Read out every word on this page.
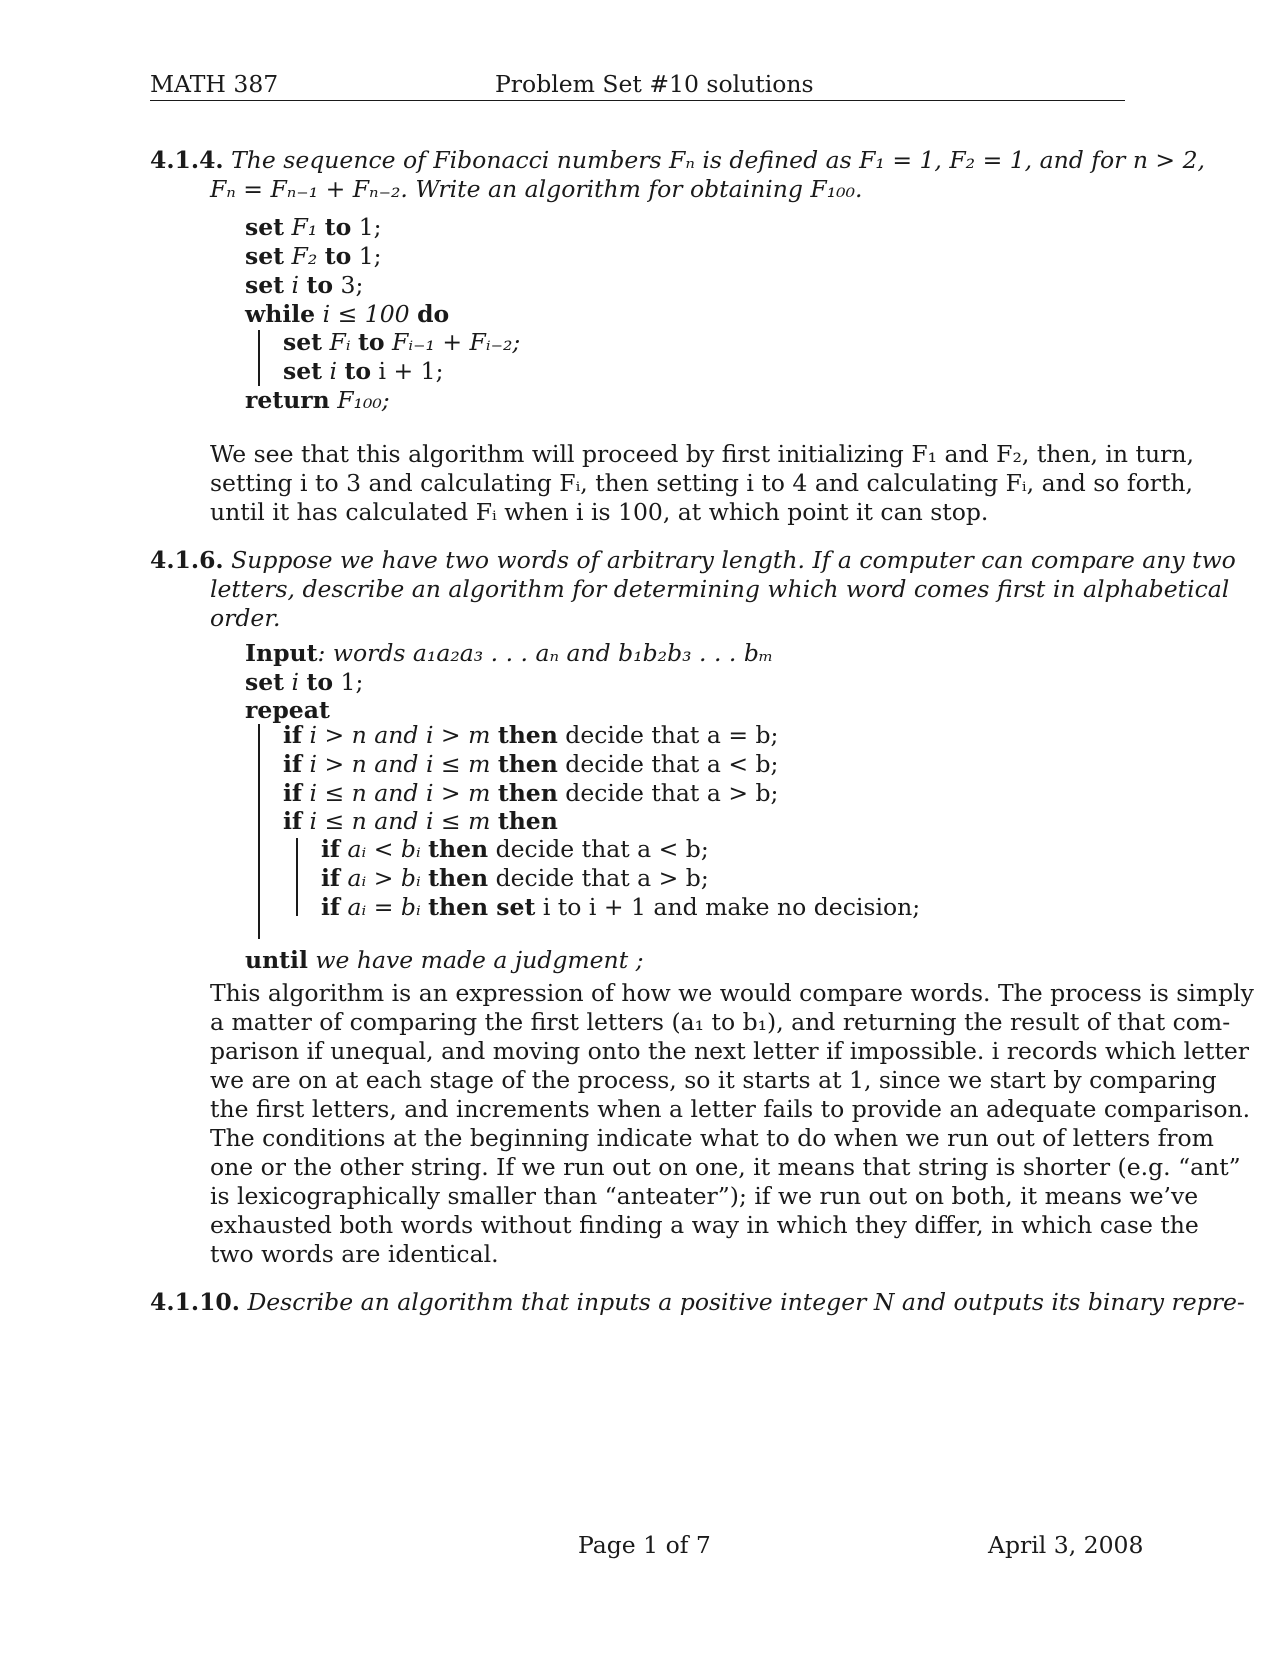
MATH 387	Problem Set #10 solutions
4.1.4. The sequence of Fibonacci numbers Fₙ is defined as F₁ = 1, F₂ = 1, and for n > 2,
Fₙ = Fₙ₋₁ + Fₙ₋₂. Write an algorithm for obtaining F₁₀₀.
set F₁ to 1;
set F₂ to 1;
set i to 3;
while i ≤ 100 do
set Fᵢ to Fᵢ₋₁ + Fᵢ₋₂;
set i to i + 1;
return F₁₀₀;
We see that this algorithm will proceed by first initializing F₁ and F₂, then, in turn,
setting i to 3 and calculating Fᵢ, then setting i to 4 and calculating Fᵢ, and so forth,
until it has calculated Fᵢ when i is 100, at which point it can stop.
4.1.6. Suppose we have two words of arbitrary length. If a computer can compare any two
letters, describe an algorithm for determining which word comes first in alphabetical
order.
Input: words a₁a₂a₃ . . . aₙ and b₁b₂b₃ . . . bₘ
set i to 1;
repeat
if i > n and i > m then decide that a = b;
if i > n and i ≤ m then decide that a < b;
if i ≤ n and i > m then decide that a > b;
if i ≤ n and i ≤ m then
if aᵢ < bᵢ then decide that a < b;
if aᵢ > bᵢ then decide that a > b;
if aᵢ = bᵢ then set i to i + 1 and make no decision;
until we have made a judgment ;
This algorithm is an expression of how we would compare words. The process is simply
a matter of comparing the first letters (a₁ to b₁), and returning the result of that com-
parison if unequal, and moving onto the next letter if impossible. i records which letter
we are on at each stage of the process, so it starts at 1, since we start by comparing
the first letters, and increments when a letter fails to provide an adequate comparison.
The conditions at the beginning indicate what to do when we run out of letters from
one or the other string. If we run out on one, it means that string is shorter (e.g. “ant”
is lexicographically smaller than “anteater”); if we run out on both, it means we’ve
exhausted both words without finding a way in which they differ, in which case the
two words are identical.
4.1.10. Describe an algorithm that inputs a positive integer N and outputs its binary repre-
Page 1 of 7	April 3, 2008
